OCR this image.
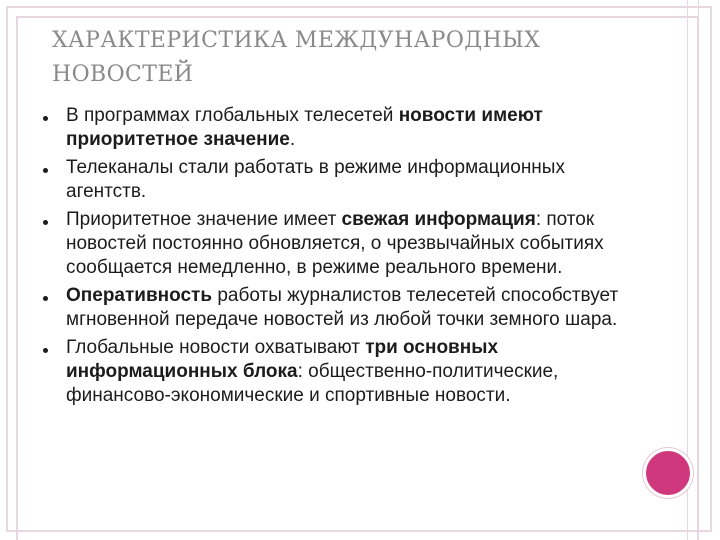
ХАРАКТЕРИСТИКА МЕЖДУНАРОДНЫХ
НОВОСТЕЙ
В программах глобальных телесетей новости имеют приоритетное значение.
Телеканалы стали работать в режиме информационных агентств.
Приоритетное значение имеет свежая информация: поток новостей постоянно обновляется, о чрезвычайных событиях сообщается немедленно, в режиме реального времени.
Оперативность работы журналистов телесетей способствует мгновенной передаче новостей из любой точки земного шара.
Глобальные новости охватывают три основных информационных блока: общественно-политические, финансово-экономические и спортивные новости.
